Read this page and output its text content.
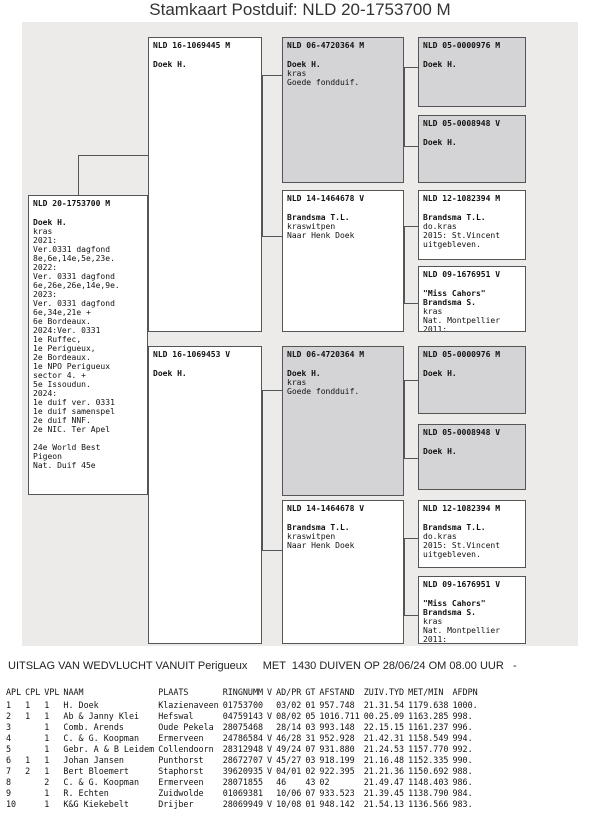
Stamkaart Postduif: NLD 20-1753700 M
NLD 20-1753700 M
Doek H.
kras
2021:
Ver.0331 dagfond
8e,6e,14e,5e,23e.
2022:
Ver. 0331 dagfond
6e,26e,26e,14e,9e.
2023:
Ver. 0331 dagfond
6e,34e,21e +
6e Bordeaux.
2024:Ver. 0331
1e Ruffec,
1e Perigueux,
2e Bordeaux.
1e NPO Perigueux
sector 4. +
5e Issoudun.
2024:
1e duif ver. 0331
1e duif samenspel
2e duif NNF.
2e NIC. Ter Apel

24e World Best
Pigeon
Nat. Duif 45e
NLD 16-1069445 M
Doek H.
NLD 16-1069453 V
Doek H.
NLD 06-4720364 M
Doek H.
kras
Goede fondduif.
NLD 14-1464678 V
Brandsma T.L.
kraswitpen
Naar Henk Doek
NLD 06-4720364 M
Doek H.
kras
Goede fondduif.
NLD 14-1464678 V
Brandsma T.L.
kraswitpen
Naar Henk Doek
NLD 05-0000976 M
Doek H.
NLD 05-0008948 V
Doek H.
NLD 12-1082394 M
Brandsma T.L.
do.kras
2015: St.Vincent
uitgebleven.
NLD 09-1676951 V
"Miss Cahors"
Brandsma S.
kras
Nat. Montpellier
2011:
NLD 05-0000976 M
Doek H.
NLD 05-0008948 V
Doek H.
NLD 12-1082394 M
Brandsma T.L.
do.kras
2015: St.Vincent
uitgebleven.
NLD 09-1676951 V
"Miss Cahors"
Brandsma S.
kras
Nat. Montpellier
2011:
UITSLAG VAN WEDVLUCHT VANUIT Perigueux     MET  1430 DUIVEN OP 28/06/24 OM 08.00 UUR   -
APL	CPL	VPL	NAAM	PLAATS	RINGNUMM	V	AD/PR	GT	AFSTAND	ZUIV.TYD	MET/MIN	AFDPN
1	1	1	H. Doek	Klazienaveen	01753700		03/02	01	957.748	21.31.54	1179.638	1000.
2	1	1	Ab & Janny Klei	Hefswal	04759143	V	08/02	05	1016.711	00.25.09	1163.285	998.
3		1	Comb. Arends	Oude Pekela	28075468		28/14	03	993.148	22.15.15	1161.237	996.
4		1	C. & G. Koopman	Ermerveen	24786584	V	46/28	31	952.928	21.42.31	1158.549	994.
5		1	Gebr. A & B Leidem	Collendoorn	28312948	V	49/24	07	931.880	21.24.53	1157.770	992.
6	1	1	Johan Jansen	Punthorst	28672707	V	45/27	03	918.199	21.16.48	1152.335	990.
7	2	1	Bert Bloemert	Staphorst	39620935	V	04/01	02	922.395	21.21.36	1150.692	988.
8		2	C. & G. Koopman	Ermerveen	28071855		46	43	02	21.49.47	1148.403	986.
9		1	R. Echten	Zuidwolde	01069381		10/06	07	933.523	21.39.45	1138.790	984.
10		1	K&G Kiekebelt	Drijber	28069949	V	10/08	01	948.142	21.54.13	1136.566	983.
